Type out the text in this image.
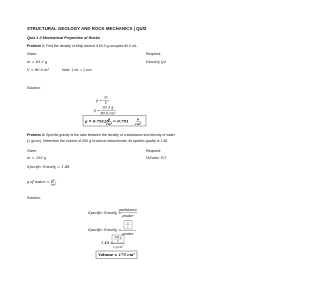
STRUCTURAL GEOLOGY AND ROCK MECHANICS | QUIZ
Quiz 1 // Mechanical Properties of Rocks
Problem 1: Find the density of ethyl alcohol if 63.3 g occupies 80.0 mL.
Given:	Required:
m = 63.3 g	Density (ρ)
V = 80.0 ml	Note: 1 mL = 1 cm³
Solution:
ρ =
m
V
ρ =
63.3 g
80.0 cm³
ρ = 0.79125
g
cm³
≈ 0.791
g
cm³
Problem 2: Specific gravity is the ratio between the density of a substance and density of water
(1 g/cm³). Determine the volume of 259 g of carbon tetrachloride, its specific gravity is 1.48
Given:	Required:
m = 259 g	Volume (V)
Specific Gravity = 1.48
ρ of water = 1
g
cm³
Solution:
Specific Gravity =
ρsubstance
ρwater
Specific Gravity =
m
V
ρwater
1.48 =
259 g
V
1 g/cm³
Volume = 175 cm³
